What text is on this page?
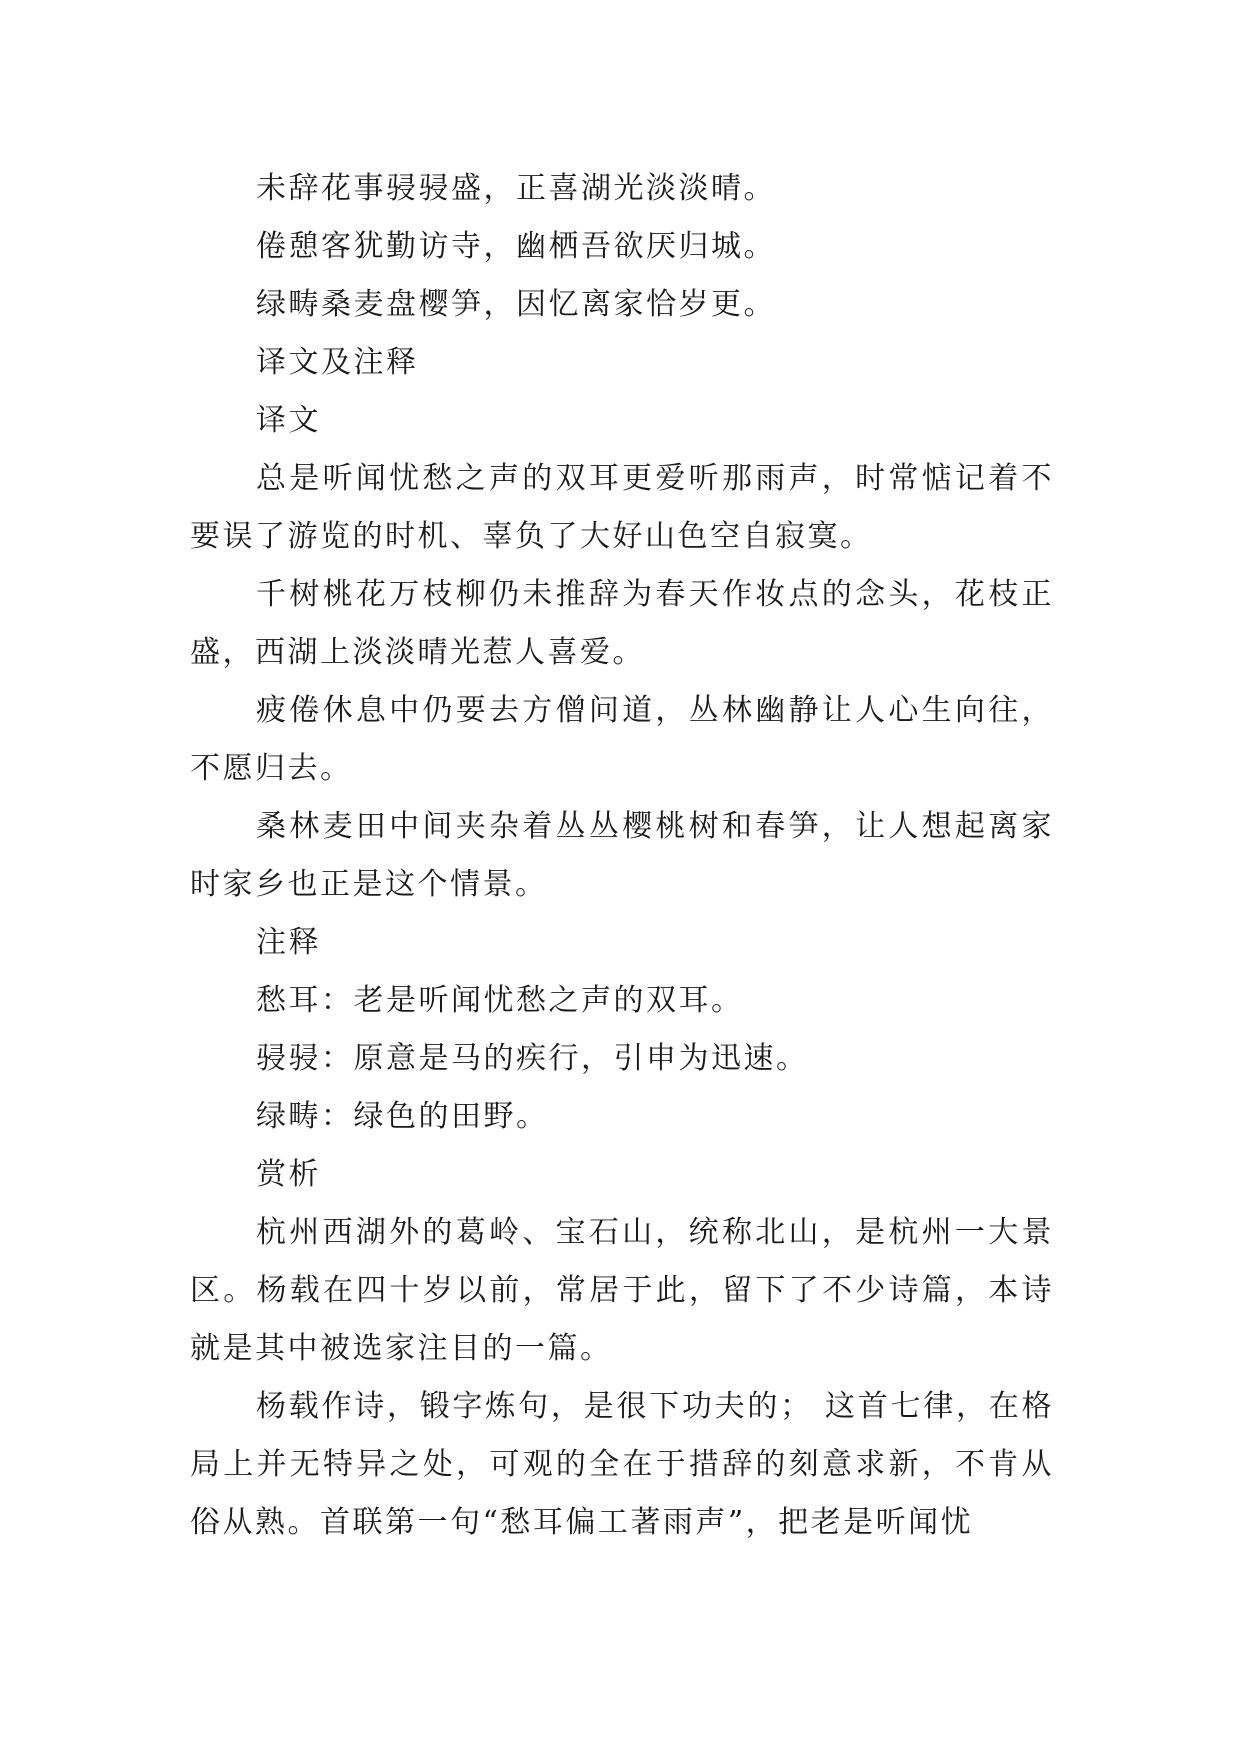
未辞花事骎骎盛，正喜湖光淡淡晴。

倦憩客犹勤访寺，幽栖吾欲厌归城。

绿畴桑麦盘樱笋，因忆离家恰岁更。

译文及注释

译文

总是听闻忧愁之声的双耳更爱听那雨声，时常惦记着不要误了游览的时机、辜负了大好山色空自寂寞。

千树桃花万枝柳仍未推辞为春天作妆点的念头，花枝正盛，西湖上淡淡晴光惹人喜爱。

疲倦休息中仍要去方僧问道，丛林幽静让人心生向往，不愿归去。

桑林麦田中间夹杂着丛丛樱桃树和春笋，让人想起离家时家乡也正是这个情景。

注释

愁耳：老是听闻忧愁之声的双耳。

骎骎：原意是马的疾行，引申为迅速。

绿畴：绿色的田野。

赏析

杭州西湖外的葛岭、宝石山，统称北山，是杭州一大景区。杨载在四十岁以前，常居于此，留下了不少诗篇，本诗就是其中被选家注目的一篇。

杨载作诗，锻字炼句，是很下功夫的； 这首七律，在格局上并无特异之处，可观的全在于措辞的刻意求新，不肯从俗从熟。首联第一句“愁耳偏工著雨声”，把老是听闻忧
